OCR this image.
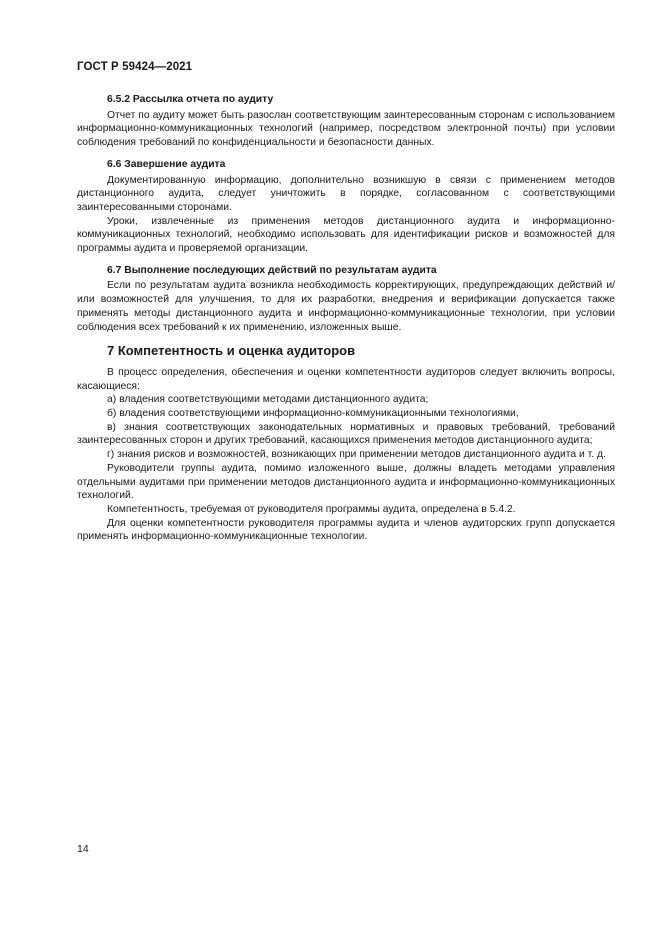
ГОСТ Р 59424—2021
6.5.2 Рассылка отчета по аудиту

Отчет по аудиту может быть разослан соответствующим заинтересованным сторонам с использованием информационно-коммуникационных технологий (например, посредством электронной почты) при условии соблюдения требований по конфиденциальности и безопасности данных.

6.6 Завершение аудита

Документированную информацию, дополнительно возникшую в связи с применением методов дистанционного аудита, следует уничтожить в порядке, согласованном с соответствующими заинтересованными сторонами.

Уроки, извлеченные из применения методов дистанционного аудита и информационно-коммуникационных технологий, необходимо использовать для идентификации рисков и возможностей для программы аудита и проверяемой организации.

6.7 Выполнение последующих действий по результатам аудита

Если по результатам аудита возникла необходимость корректирующих, предупреждающих действий и/или возможностей для улучшения, то для их разработки, внедрения и верификации допускается также применять методы дистанционного аудита и информационно-коммуникационные технологии, при условии соблюдения всех требований к их применению, изложенных выше.

7 Компетентность и оценка аудиторов

В процесс определения, обеспечения и оценки компетентности аудиторов следует включить вопросы, касающиеся:

а) владения соответствующими методами дистанционного аудита;

б) владения соответствующими информационно-коммуникационными технологиями,

в) знания соответствующих законодательных нормативных и правовых требований, требований заинтересованных сторон и других требований, касающихся применения методов дистанционного аудита;

г) знания рисков и возможностей, возникающих при применении методов дистанционного аудита и т. д.

Руководители группы аудита, помимо изложенного выше, должны владеть методами управления отдельными аудитами при применении методов дистанционного аудита и информационно-коммуникационных технологий.

Компетентность, требуемая от руководителя программы аудита, определена в 5.4.2.

Для оценки компетентности руководителя программы аудита и членов аудиторских групп допускается применять информационно-коммуникационные технологии.

14
